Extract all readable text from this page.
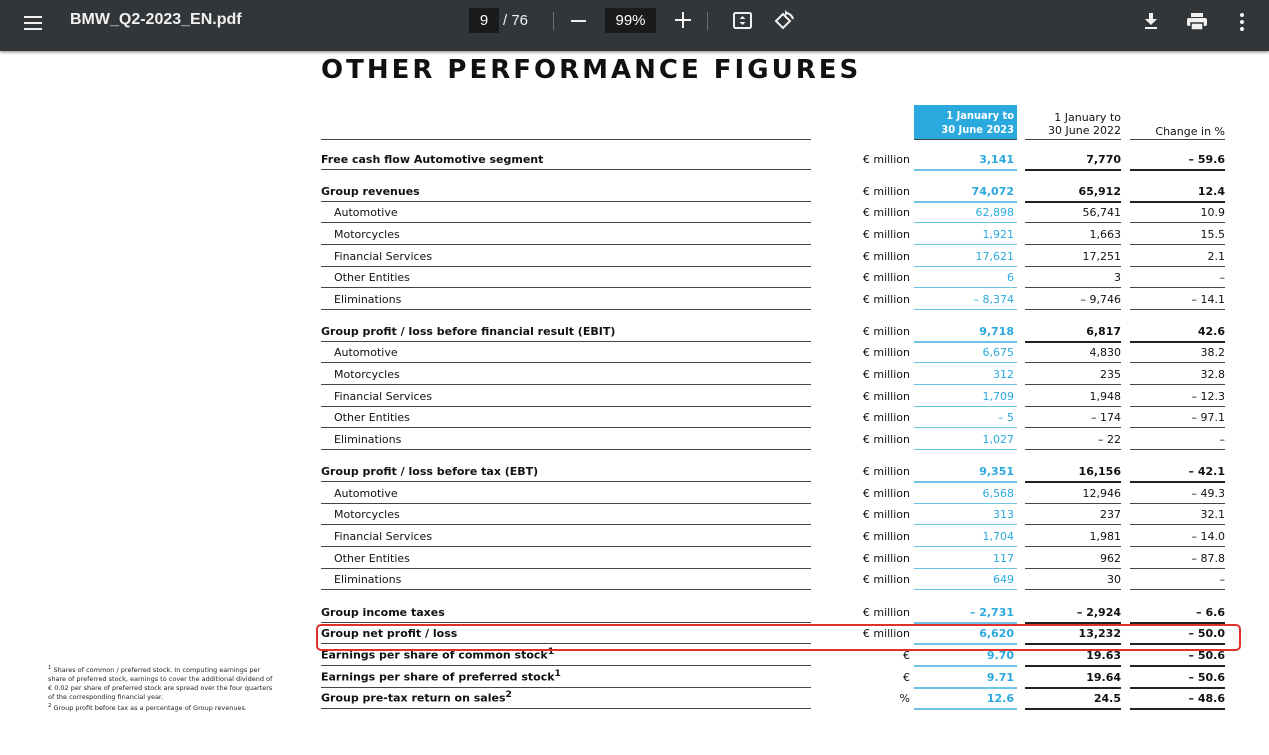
BMW_Q2-2023_EN.pdf
9	/ 76
99%
OTHER PERFORMANCE FIGURES
1 January to
30 June 2023
1 January to
30 June 2022	Change in %
Free cash flow Automotive segment	€ million	3,141	7,770	– 59.6
Group revenues	€ million	74,072	65,912	12.4
Automotive	€ million	62,898	56,741	10.9
Motorcycles	€ million	1,921	1,663	15.5
Financial Services	€ million	17,621	17,251	2.1
Other Entities	€ million	6	3	–
Eliminations	€ million	– 8,374	– 9,746	– 14.1
Group profit / loss before financial result (EBIT)	€ million	9,718	6,817	42.6
Automotive	€ million	6,675	4,830	38.2
Motorcycles	€ million	312	235	32.8
Financial Services	€ million	1,709	1,948	– 12.3
Other Entities	€ million	– 5	– 174	– 97.1
Eliminations	€ million	1,027	– 22	–
Group profit / loss before tax (EBT)	€ million	9,351	16,156	– 42.1
Automotive	€ million	6,568	12,946	– 49.3
Motorcycles	€ million	313	237	32.1
Financial Services	€ million	1,704	1,981	– 14.0
Other Entities	€ million	117	962	– 87.8
Eliminations	€ million	649	30	–
Group income taxes	€ million	– 2,731	– 2,924	– 6.6
Group net profit / loss	€ million	6,620	13,232	– 50.0
Earnings per share of common stock$^1$	€	9.70	19.63	– 50.6
Earnings per share of preferred stock$^1$	€	9.71	19.64	– 50.6
Group pre-tax return on sales$^2$	%	12.6	24.5	– 48.6

$^1$ Shares of common / preferred stock. In computing earnings per share of preferred stock, earnings to cover the additional dividend of € 0.02 per share of preferred stock are spread over the four quarters of the corresponding financial year.

$^2$ Group profit before tax as a percentage of Group revenues.
